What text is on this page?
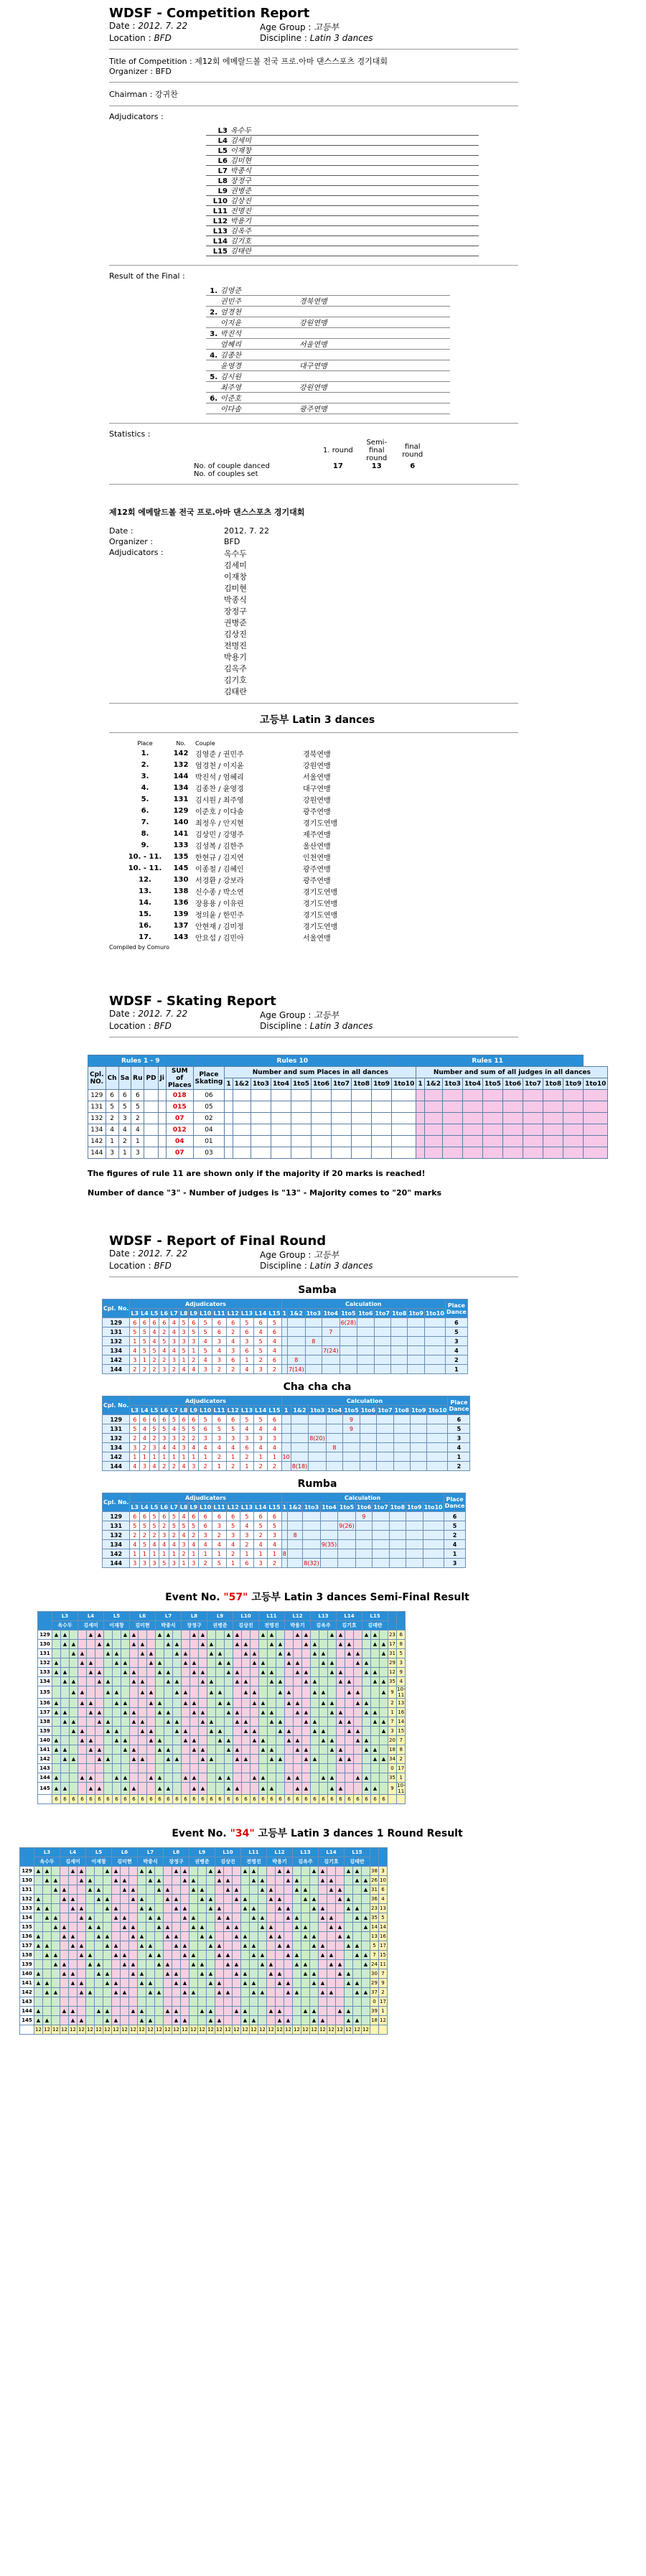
WDSF - Competition Report
Date : 2012. 7. 22	Age Group : 고등부
Location : BFD	Discipline : Latin 3 dances
Title of Competition : 제12회 에메랄드볼 전국 프로.아마 댄스스포츠 경기대회
Organizer : BFD
Chairman : 강귀찬
Adjudicators :
L3 옥수두
L4 김세미
L5 이재창
L6 김미현
L7 박종식
L8 장정구
L9 권병준
L10 김상진
L11 전명진
L12 박용기
L13 김옥주
L14 김기호
L15 김태란
Result of the Final :
1. 김영준
권민주	경북연맹
2. 엄경천
이지윤	강원연맹
3. 박진석
엄혜리	서울연맹
4. 김종찬
윤영경	대구연맹
5. 김시원
최주영	강원연맹
6. 이준호
이다솔	광주연맹
Statistics :
	1. round	Semi-final round	final round
No. of couple danced	17	13	6
No. of couples set			
제12회 에메랄드볼 전국 프로.아마 댄스스포츠 경기대회
Date :	2012. 7. 22
Organizer :	BFD
Adjudicators :	옥수두
김세미
이재창
김미현
박종식
장정구
권병준
김상진
전명진
박용기
김옥주
김기호
김태란
고등부 Latin 3 dances
Place	No.	Couple
1.	142 김영준 / 권민주	경북연맹
2.	132 엄경천 / 이지윤	강원연맹
3.	144 박진석 / 엄혜리	서울연맹
4.	134 김종찬 / 윤영경	대구연맹
5.	131 김시원 / 최주영	강원연맹
6.	129 이준호 / 이다솔	광주연맹
7.	140 최정우 / 안지현	경기도연맹
8.	141 김상민 / 강명주	제주연맹
9.	133 김성복 / 김한주	울산연맹
10. - 11.	135 한현규 / 김지연	인천연맹
10. - 11.	145 이종철 / 김혜인	광주연맹
12.	130 서경환 / 강보라	광주연맹
13.	138 신수종 / 박소연	경기도연맹
14.	136 장용용 / 이유린	경기도연맹
15.	139 정의윤 / 한민주	경기도연맹
16.	137 안현재 / 김미정	경기도연맹
17.	143 안요섭 / 김민아	서울연맹
Compiled by Comuro
WDSF - Skating Report
Date : 2012. 7. 22	Age Group : 고등부
Location : BFD	Discipline : Latin 3 dances
Rules 1 - 9							Rules 10										Rules 11										
Cpl. NO.	Ch	Sa	Ru	PD	Ji	SUM of Places	Place Skating	Number and sum Places in all dances										Number and sum of all judges in all dances									
								1	1&2	1to3	1to4	1to5	1to6	1to7	1to8	1to9	1to10	1	1&2	1to3	1to4	1to5	1to6	1to7	1to8	1to9	1to10
129	6	6	6			018	06																				
131	5	5	5			015	05																				
132	2	3	2			07	02																				
134	4	4	4			012	04																				
142	1	2	1			04	01																				
144	3	1	3			07	03																				
The figures of rule 11 are shown only if the majority if 20 marks is reached!
Number of dance "3" - Number of judges is "13" - Majority comes to "20" marks
WDSF - Report of Final Round
Date : 2012. 7. 22	Age Group : 고등부
Location : BFD	Discipline : Latin 3 dances
Samba
Cpl. No.	Adjudicators													Calculation										Place Dance
	L3	L4	L5	L6	L7	L8	L9	L10	L11	L12	L13	L14	L15	1	1&2	1to3	1to4	1to5	1to6	1to7	1to8	1to9	1to10	
129	6	6	6	6	4	5	6	5	6	6	5	6	5					6(28)						6
131	5	5	4	2	4	3	5	5	6	2	6	4	6				7							5
132	1	5	4	5	3	3	3	4	3	4	3	5	4			8								3
134	4	5	5	4	4	5	1	5	4	3	6	5	4				7(24)							4
142	3	1	2	2	3	1	2	4	3	6	1	2	6		8									2
144	2	2	2	3	2	4	4	3	2	2	4	3	2		7(14)									1
Cha cha cha
Cpl. No.	Adjudicators													Calculation										Place Dance
	L3	L4	L5	L6	L7	L8	L9	L10	L11	L12	L13	L14	L15	1	1&2	1to3	1to4	1to5	1to6	1to7	1to8	1to9	1to10	
129	6	6	6	6	5	6	6	5	6	6	5	5	6					9						6
131	5	4	5	5	4	5	5	6	5	5	4	4	4					9						5
132	2	4	2	3	3	2	2	3	3	3	3	3	3			8(20)								3
134	3	2	3	4	4	3	4	4	4	4	6	4	4				8							4
142	1	1	1	1	1	1	1	1	2	1	2	1	1	10										1
144	4	3	4	2	2	4	3	2	1	2	1	2	2		8(18)									2
Rumba
Cpl. No.	Adjudicators													Calculation										Place Dance
	L3	L4	L5	L6	L7	L8	L9	L10	L11	L12	L13	L14	L15	1	1&2	1to3	1to4	1to5	1to6	1to7	1to8	1to9	1to10	
129	6	6	5	6	5	4	6	6	6	6	5	6	6						9					6
131	5	5	5	2	5	5	5	6	3	5	4	5	5					9(26)						5
132	2	2	2	3	2	4	2	3	2	3	3	2	3		8									2
134	4	5	4	4	4	3	4	4	4	4	2	4	4				9(35)							4
142	1	1	1	1	1	2	1	1	1	2	1	1	1	8										1
144	3	3	3	5	3	1	3	2	5	1	6	3	2			8(32)								3
Event No. "57" 고등부 Latin 3 dances Semi-Final Result
	L3			L4			L5			L6			L7			L8			L9			L10			L11			L12			L13			L14			L15				
	옥수두			김세미			이재창			김미현			박종식			장정구			권병준			김상진			전명진			박용기			김옥주			김기호			김태란				
129	▲	▲			▲	▲			▲	▲			▲	▲			▲	▲			▲	▲			▲	▲			▲	▲			▲	▲			▲	▲		23	6
130		▲	▲			▲	▲			▲	▲			▲	▲			▲	▲			▲	▲			▲	▲			▲	▲			▲	▲			▲	▲	17	8
131			▲	▲			▲	▲			▲	▲			▲	▲			▲	▲			▲	▲			▲	▲			▲	▲			▲	▲			▲	31	5
132	▲			▲	▲			▲	▲			▲	▲			▲	▲			▲	▲			▲	▲			▲	▲			▲	▲			▲	▲			29	3
133	▲	▲			▲	▲			▲	▲			▲	▲			▲	▲			▲	▲			▲	▲			▲	▲			▲	▲			▲	▲		12	9
134		▲	▲			▲	▲			▲	▲			▲	▲			▲	▲			▲	▲			▲	▲			▲	▲			▲	▲			▲	▲	35	4
135			▲	▲			▲	▲			▲	▲			▲	▲			▲	▲			▲	▲			▲	▲			▲	▲			▲	▲			▲	9	10-11
136	▲			▲	▲			▲	▲			▲	▲			▲	▲			▲	▲			▲	▲			▲	▲			▲	▲			▲	▲			2	13
137	▲	▲			▲	▲			▲	▲			▲	▲			▲	▲			▲	▲			▲	▲			▲	▲			▲	▲			▲	▲		1	16
138		▲	▲			▲	▲			▲	▲			▲	▲			▲	▲			▲	▲			▲	▲			▲	▲			▲	▲			▲	▲	7	14
139			▲	▲			▲	▲			▲	▲			▲	▲			▲	▲			▲	▲			▲	▲			▲	▲			▲	▲			▲	3	15
140	▲			▲	▲			▲	▲			▲	▲			▲	▲			▲	▲			▲	▲			▲	▲			▲	▲			▲	▲			20	7
141	▲	▲			▲	▲			▲	▲			▲	▲			▲	▲			▲	▲			▲	▲			▲	▲			▲	▲			▲	▲		18	8
142		▲	▲			▲	▲			▲	▲			▲	▲			▲	▲			▲	▲			▲	▲			▲	▲			▲	▲			▲	▲	34	2
143																																								0	17
144	▲			▲	▲			▲	▲			▲	▲			▲	▲			▲	▲			▲	▲			▲	▲			▲	▲			▲	▲			35	1
145	▲	▲			▲	▲			▲	▲			▲	▲			▲	▲			▲	▲			▲	▲			▲	▲			▲	▲			▲	▲		9	10-11
	6	6	6	6	6	6	6	6	6	6	6	6	6	6	6	6	6	6	6	6	6	6	6	6	6	6	6	6	6	6	6	6	6	6	6	6	6	6	6		
Event No. "34" 고등부 Latin 3 dances 1 Round Result
	L3			L4			L5			L6			L7			L8			L9			L10			L11			L12			L13			L14			L15				
	옥수두			김세미			이재창			김미현			박종식			장정구			권병준			김상진			전명진			박용기			김옥주			김기호			김태란				
129	▲	▲			▲	▲			▲	▲			▲	▲			▲	▲			▲	▲			▲	▲			▲	▲			▲	▲			▲	▲		38	3
130		▲	▲			▲	▲			▲	▲			▲	▲			▲	▲			▲	▲			▲	▲			▲	▲			▲	▲			▲	▲	26	10
131			▲	▲			▲	▲			▲	▲			▲	▲			▲	▲			▲	▲			▲	▲			▲	▲			▲	▲			▲	31	6
132	▲			▲	▲			▲	▲			▲	▲			▲	▲			▲	▲			▲	▲			▲	▲			▲	▲			▲	▲			36	4
133	▲	▲			▲	▲			▲	▲			▲	▲			▲	▲			▲	▲			▲	▲			▲	▲			▲	▲			▲	▲		23	13
134		▲	▲			▲	▲			▲	▲			▲	▲			▲	▲			▲	▲			▲	▲			▲	▲			▲	▲			▲	▲	35	5
135			▲	▲			▲	▲			▲	▲			▲	▲			▲	▲			▲	▲			▲	▲			▲	▲			▲	▲			▲	14	14
136	▲			▲	▲			▲	▲			▲	▲			▲	▲			▲	▲			▲	▲			▲	▲			▲	▲			▲	▲			13	16
137	▲	▲			▲	▲			▲	▲			▲	▲			▲	▲			▲	▲			▲	▲			▲	▲			▲	▲			▲	▲		5	17
138		▲	▲			▲	▲			▲	▲			▲	▲			▲	▲			▲	▲			▲	▲			▲	▲			▲	▲			▲	▲	7	15
139			▲	▲			▲	▲			▲	▲			▲	▲			▲	▲			▲	▲			▲	▲			▲	▲			▲	▲			▲	24	11
140	▲			▲	▲			▲	▲			▲	▲			▲	▲			▲	▲			▲	▲			▲	▲			▲	▲			▲	▲			30	7
141	▲	▲			▲	▲			▲	▲			▲	▲			▲	▲			▲	▲			▲	▲			▲	▲			▲	▲			▲	▲		29	9
142		▲	▲			▲	▲			▲	▲			▲	▲			▲	▲			▲	▲			▲	▲			▲	▲			▲	▲			▲	▲	37	2
143																																								0	17
144	▲			▲	▲			▲	▲			▲	▲			▲	▲			▲	▲			▲	▲			▲	▲			▲	▲			▲	▲			39	1
145	▲	▲			▲	▲			▲	▲			▲	▲			▲	▲			▲	▲			▲	▲			▲	▲			▲	▲			▲	▲		18	12
	12	12	12	12	12	12	12	12	12	12	12	12	12	12	12	12	12	12	12	12	12	12	12	12	12	12	12	12	12	12	12	12	12	12	12	12	12	12	12		
